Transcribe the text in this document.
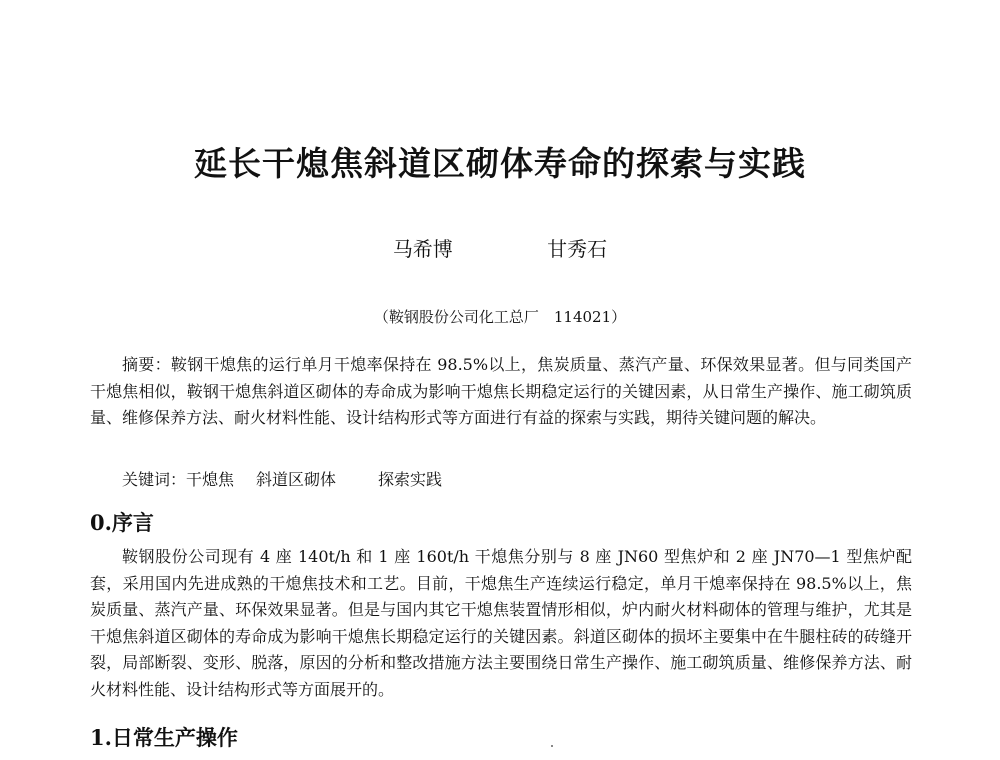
延长干熄焦斜道区砌体寿命的探索与实践
马希博	甘秀石
（鞍钢股份公司化工总厂　114021）

摘要：鞍钢干熄焦的运行单月干熄率保持在 98.5%以上，焦炭质量、蒸汽产量、环保效果显著。但与同类国产干熄焦相似，鞍钢干熄焦斜道区砌体的寿命成为影响干熄焦长期稳定运行的关键因素，从日常生产操作、施工砌筑质量、维修保养方法、耐火材料性能、设计结构形式等方面进行有益的探索与实践，期待关键问题的解决。

关键词：干熄焦 斜道区砌体	探索实践
0.序言

鞍钢股份公司现有 4 座 140t/h 和 1 座 160t/h 干熄焦分别与 8 座 JN60 型焦炉和 2 座 JN70—1 型焦炉配套，采用国内先进成熟的干熄焦技术和工艺。目前，干熄焦生产连续运行稳定，单月干熄率保持在 98.5%以上，焦炭质量、蒸汽产量、环保效果显著。但是与国内其它干熄焦装置情形相似，炉内耐火材料砌体的管理与维护，尤其是干熄焦斜道区砌体的寿命成为影响干熄焦长期稳定运行的关键因素。斜道区砌体的损坏主要集中在牛腿柱砖的砖缝开裂，局部断裂、变形、脱落，原因的分析和整改措施方法主要围绕日常生产操作、施工砌筑质量、维修保养方法、耐火材料性能、设计结构形式等方面展开的。

1.日常生产操作
